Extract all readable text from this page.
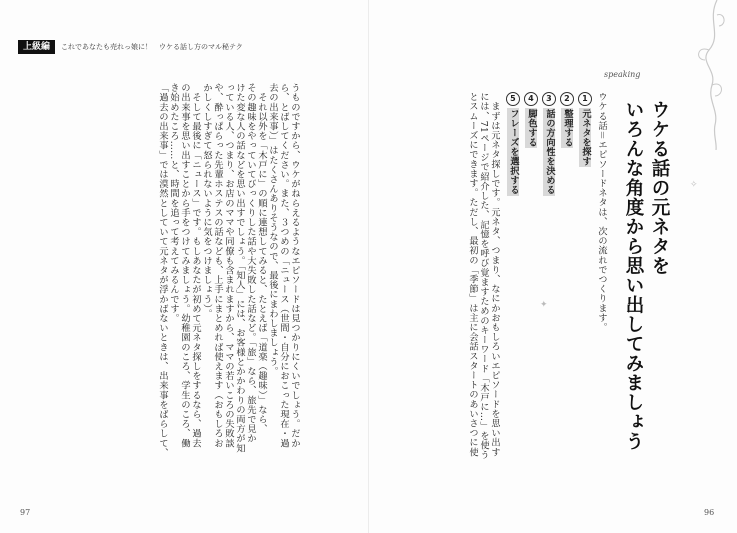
上級編	これであなたも売れっ娘に！　ウケる話し方のマル秘テク
✧
✦
speaking
ウケる話の元ネタを
いろんな角度から思い出してみましょう
ウケる話＝エピソードネタは、次の流れでつくります。
1
元ネタを探す
2
整理する
3
話の方向性を決める
4
脚色する
5
フレーズを選択する
　まずは元ネタ探しです。元ネタ、つまり、なにかおもしろいエピソードを思い出す
には、71ページで紹介した、記憶を呼び覚ますためのキーワード「木戸に…」を使う
とスムーズにできます。ただし、最初の「季節」は主に会話スタートのあいさつに使
うものですから、ウケがねらえるようなエピソードは見つかりにくいでしょう。だか
ら、とばしてください。また、３つめの「ニュース（世間・自分におこった現在・過
去の出来事）」はたくさんありそうなので、最後にまわしましょう。
　それ以外を「木戸に」の順に連想してみると、たとえば「道楽（趣味）」なら、
その趣味をやっていてびっくりした話や大失敗した話など。「旅」なら、旅先で見か
けた変な人の話などを思い出すでしょう。「知人」には、お客様とかかわりの両方が知
っている人、つまり、お店のママや同僚も含まれますから、ママの若いころの失敗談
や、酔っぱらった先輩ホステスの話なども、上手にまとめれば使えます（おもしろお
かしくしすぎて怒られないように気をつけましょう）。
　そして最後に「ニュース」です。もしあなたが初めて元ネタ探しをするなら、過去
の出来事を思い出すことから手をつけてみましょう。幼稚園のころ、学生のころ、働
き始めたころ……と、時間を追って考えてみるんです。
「過去の出来事」では漠然としていて元ネタが浮かばないときは、出来事をばらして、
97	96
